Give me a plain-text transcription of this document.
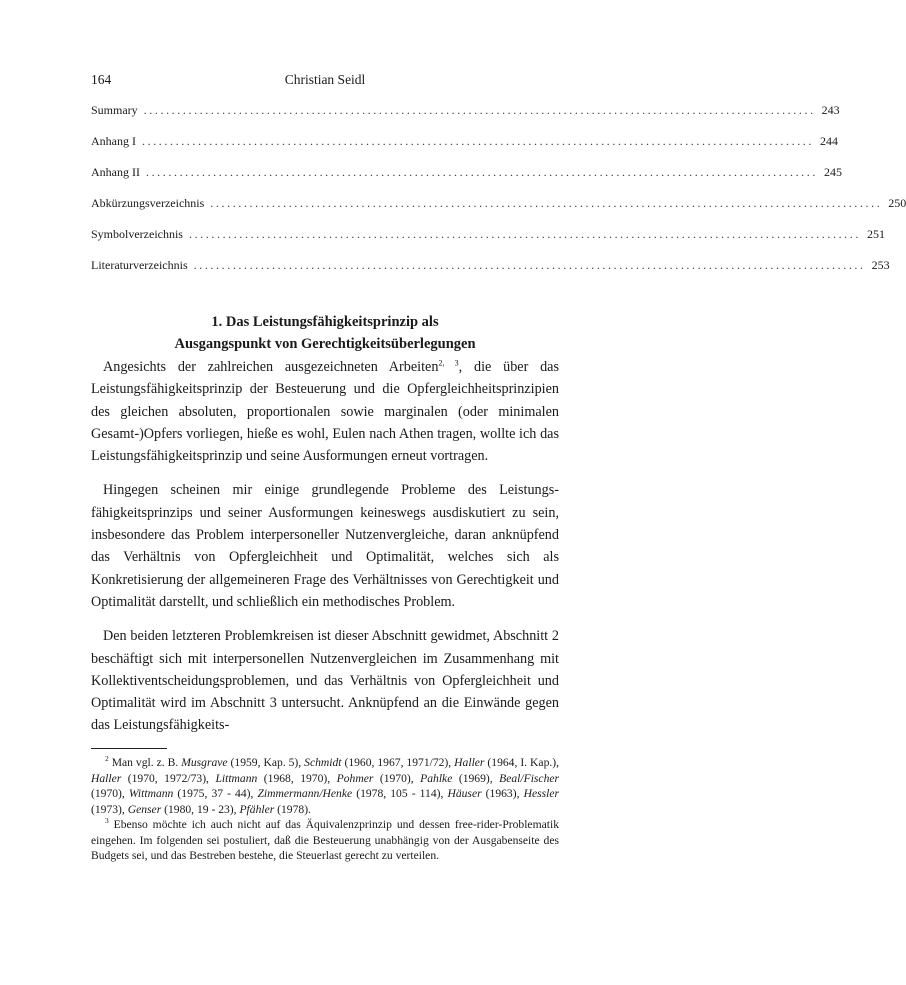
164	Christian Seidl
Summary ........................................................................................................................ 243
Anhang I ........................................................................................................................ 244
Anhang II ........................................................................................................................ 245
Abkürzungsverzeichnis ........................................................................................................................ 250
Symbolverzeichnis ........................................................................................................................ 251
Literaturverzeichnis ........................................................................................................................ 253
1. Das Leistungsfähigkeitsprinzip als
Ausgangspunkt von Gerechtigkeitsüberlegungen

Angesichts der zahlreichen ausgezeichneten Arbeiten$^{2, 3}$, die über das Leistungsfähigkeitsprinzip der Besteuerung und die Opfergleichheitsprinzipien des gleichen absoluten, proportionalen sowie marginalen (oder minimalen Gesamt-)Opfers vorliegen, hieße es wohl, Eulen nach Athen tragen, wollte ich das Leistungsfähigkeitsprinzip und seine Ausformungen erneut vortragen.

Hingegen scheinen mir einige grundlegende Probleme des Leistungsfähigkeitsprinzips und seiner Ausformungen keineswegs ausdiskutiert zu sein, insbesondere das Problem interpersoneller Nutzenvergleiche, daran anknüpfend das Verhältnis von Opfergleichheit und Optimalität, welches sich als Konkretisierung der allgemeineren Frage des Verhältnisses von Gerechtigkeit und Optimalität darstellt, und schließlich ein methodisches Problem.

Den beiden letzteren Problemkreisen ist dieser Abschnitt gewidmet, Abschnitt 2 beschäftigt sich mit interpersonellen Nutzenvergleichen im Zusammenhang mit Kollektiventscheidungsproblemen, und das Verhältnis von Opfergleichheit und Optimalität wird im Abschnitt 3 untersucht. Anknüpfend an die Einwände gegen das Leistungsfähigkeits-

$^2$ Man vgl. z. B. Musgrave (1959, Kap. 5), Schmidt (1960, 1967, 1971/72), Haller (1964, I. Kap.), Haller (1970, 1972/73), Littmann (1968, 1970), Pohmer (1970), Pahlke (1969), Beal/Fischer (1970), Wittmann (1975, 37 - 44), Zimmermann/Henke (1978, 105 - 114), Häuser (1963), Hessler (1973), Genser (1980, 19 - 23), Pfähler (1978).

$^3$ Ebenso möchte ich auch nicht auf das Äquivalenzprinzip und dessen free-rider-Problematik eingehen. Im folgenden sei postuliert, daß die Besteuerung unabhängig von der Ausgabenseite des Budgets sei, und das Bestreben bestehe, die Steuerlast gerecht zu verteilen.
